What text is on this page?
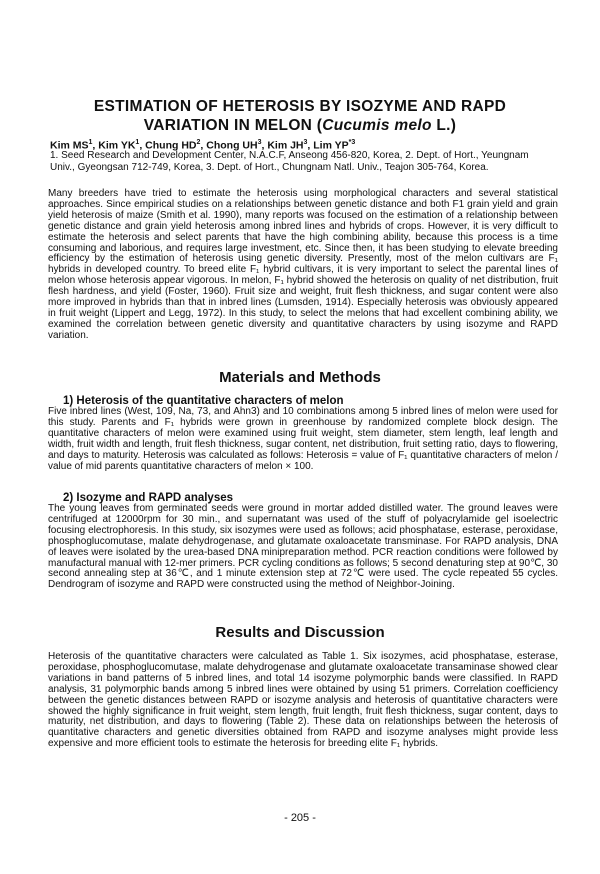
ESTIMATION OF HETEROSIS BY ISOZYME AND RAPD
VARIATION IN MELON (Cucumis melo L.)
Kim $MS^1$, Kim $YK^1$, Chung $HD^2$, Chong $UH^3$, Kim $JH^3$, Lim YP$^{*3}$
1. Seed Research and Development Center, N.A.C.F, Anseong 456-820, Korea, 2. Dept. of Hort., Yeungnam Univ., Gyeongsan 712-749, Korea, 3. Dept. of Hort., Chungnam Natl. Univ., Teajon 305-764, Korea.
Many breeders have tried to estimate the heterosis using morphological characters and several statistical approaches. Since empirical studies on a relationships between genetic distance and both F1 grain yield and grain yield heterosis of maize (Smith et al. 1990), many reports was focused on the estimation of a relationship between genetic distance and grain yield heterosis among inbred lines and hybrids of crops. However, it is very difficult to estimate the heterosis and select parents that have the high combining ability, because this process is a time consuming and laborious, and requires large investment, etc. Since then, it has been studying to elevate breeding efficiency by the estimation of heterosis using genetic diversity. Presently, most of the melon cultivars are F₁ hybrids in developed country. To breed elite F₁ hybrid cultivars, it is very important to select the parental lines of melon whose heterosis appear vigorous. In melon, F₁ hybrid showed the heterosis on quality of net distribution, fruit flesh hardness, and yield (Foster, 1960). Fruit size and weight, fruit flesh thickness, and sugar content were also more improved in hybrids than that in inbred lines (Lumsden, 1914). Especially heterosis was obviously appeared in fruit weight (Lippert and Legg, 1972). In this study, to select the melons that had excellent combining ability, we examined the correlation between genetic diversity and quantitative characters by using isozyme and RAPD variation.
Materials and Methods
1) Heterosis of the quantitative characters of melon
Five inbred lines (West, 109, Na, 73, and Ahn3) and 10 combinations among 5 inbred lines of melon were used for this study. Parents and F₁ hybrids were grown in greenhouse by randomized complete block design. The quantitative characters of melon were examined using fruit weight, stem diameter, stem length, leaf length and width, fruit width and length, fruit flesh thickness, sugar content, net distribution, fruit setting ratio, days to flowering, and days to maturity. Heterosis was calculated as follows: Heterosis = value of F₁ quantitative characters of melon / value of mid parents quantitative characters of melon × 100.
2) Isozyme and RAPD analyses
The young leaves from germinated seeds were ground in mortar added distilled water. The ground leaves were centrifuged at 12000rpm for 30 min., and supernatant was used of the stuff of polyacrylamide gel isoelectric focusing electrophoresis. In this study, six isozymes were used as follows; acid phosphatase, esterase, peroxidase, phosphoglucomutase, malate dehydrogenase, and glutamate oxaloacetate transminase. For RAPD analysis, DNA of leaves were isolated by the urea-based DNA minipreparation method. PCR reaction conditions were followed by manufactural manual with 12-mer primers. PCR cycling conditions as follows; 5 second denaturing step at 90℃, 30 second annealing step at 36℃, and 1 minute extension step at 72℃ were used. The cycle repeated 55 cycles. Dendrogram of isozyme and RAPD were constructed using the method of Neighbor-Joining.
Results and Discussion
Heterosis of the quantitative characters were calculated as Table 1. Six isozymes, acid phosphatase, esterase, peroxidase, phosphoglucomutase, malate dehydrogenase and glutamate oxaloacetate transaminase showed clear variations in band patterns of 5 inbred lines, and total 14 isozyme polymorphic bands were classified. In RAPD analysis, 31 polymorphic bands among 5 inbred lines were obtained by using 51 primers. Correlation coefficiency between the genetic distances between RAPD or isozyme analysis and heterosis of quantitative characters were showed the highly significance in fruit weight, stem length, fruit length, fruit flesh thickness, sugar content, days to maturity, net distribution, and days to flowering (Table 2). These data on relationships between the heterosis of quantitative characters and genetic diversities obtained from RAPD and isozyme analyses might provide less expensive and more efficient tools to estimate the heterosis for breeding elite F₁ hybrids.
- 205 -
